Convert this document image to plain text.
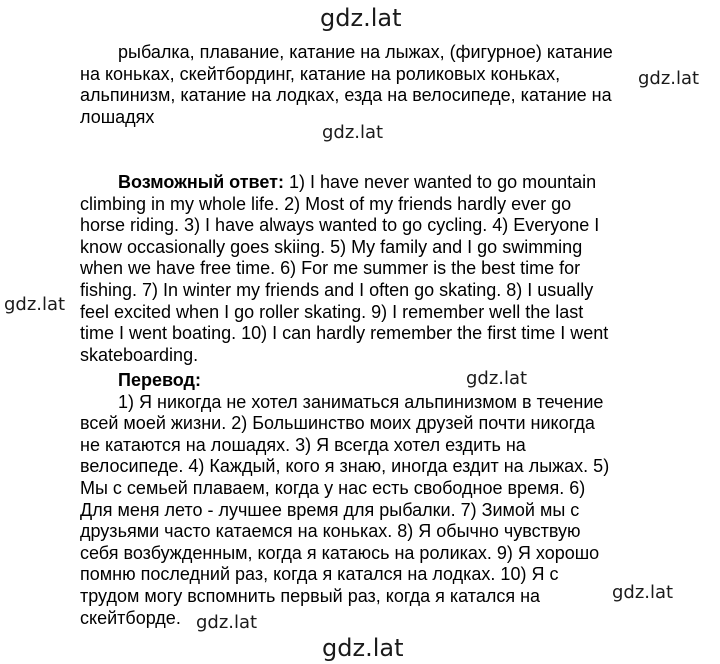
gdz.lat
gdz.lat
gdz.lat
gdz.lat
gdz.lat
gdz.lat
gdz.lat
gdz.lat
рыбалка, плавание, катание на лыжах, (фигурное) катание
на коньках, скейтбординг, катание на роликовых коньках,
альпинизм, катание на лодках, езда на велосипеде, катание на
лошадях
Возможный ответ: 1) I have never wanted to go mountain
climbing in my whole life. 2) Most of my friends hardly ever go
horse riding. 3) I have always wanted to go cycling. 4) Everyone I
know occasionally goes skiing. 5) My family and I go swimming
when we have free time. 6) For me summer is the best time for
fishing. 7) In winter my friends and I often go skating. 8) I usually
feel excited when I go roller skating. 9) I remember well the last
time I went boating. 10) I can hardly remember the first time I went
skateboarding.
Перевод:
1) Я никогда не хотел заниматься альпинизмом в течение
всей моей жизни. 2) Большинство моих друзей почти никогда
не катаются на лошадях. 3) Я всегда хотел ездить на
велосипеде. 4) Каждый, кого я знаю, иногда ездит на лыжах. 5)
Мы с семьей плаваем, когда у нас есть свободное время. 6)
Для меня лето - лучшее время для рыбалки. 7) Зимой мы с
друзьями часто катаемся на коньках. 8) Я обычно чувствую
себя возбужденным, когда я катаюсь на роликах. 9) Я хорошо
помню последний раз, когда я катался на лодках. 10) Я с
трудом могу вспомнить первый раз, когда я катался на
скейтборде.
